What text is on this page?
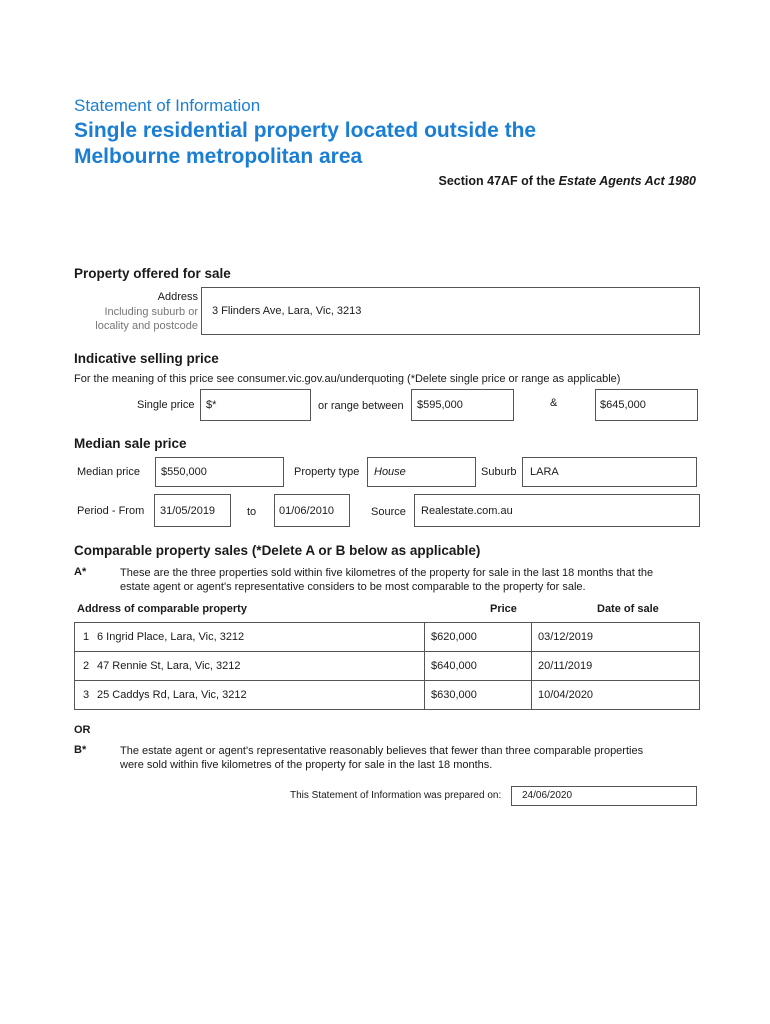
Statement of Information
Single residential property located outside the
Melbourne metropolitan area
Section 47AF of the Estate Agents Act 1980
Property offered for sale
Address
Including suburb or
locality and postcode
3 Flinders Ave, Lara, Vic, 3213
Indicative selling price
For the meaning of this price see consumer.vic.gov.au/underquoting (*Delete single price or range as applicable)
Single price $*	or range between $595,000	&	$645,000
Median sale price
Median price $550,000	Property type House	Suburb LARA
Period - From 31/05/2019	to 01/06/2010	Source Realestate.com.au
Comparable property sales (*Delete A or B below as applicable)
A*	These are the three properties sold within five kilometres of the property for sale in the last 18 months that the
estate agent or agent's representative considers to be most comparable to the property for sale.
Address of comparable property	Price	Date of sale
1 6 Ingrid Place, Lara, Vic, 3212	$620,000	03/12/2019
2 47 Rennie St, Lara, Vic, 3212	$640,000	20/11/2019
3 25 Caddys Rd, Lara, Vic, 3212	$630,000	10/04/2020
OR
B*	The estate agent or agent's representative reasonably believes that fewer than three comparable properties
were sold within five kilometres of the property for sale in the last 18 months.
This Statement of Information was prepared on: 24/06/2020
